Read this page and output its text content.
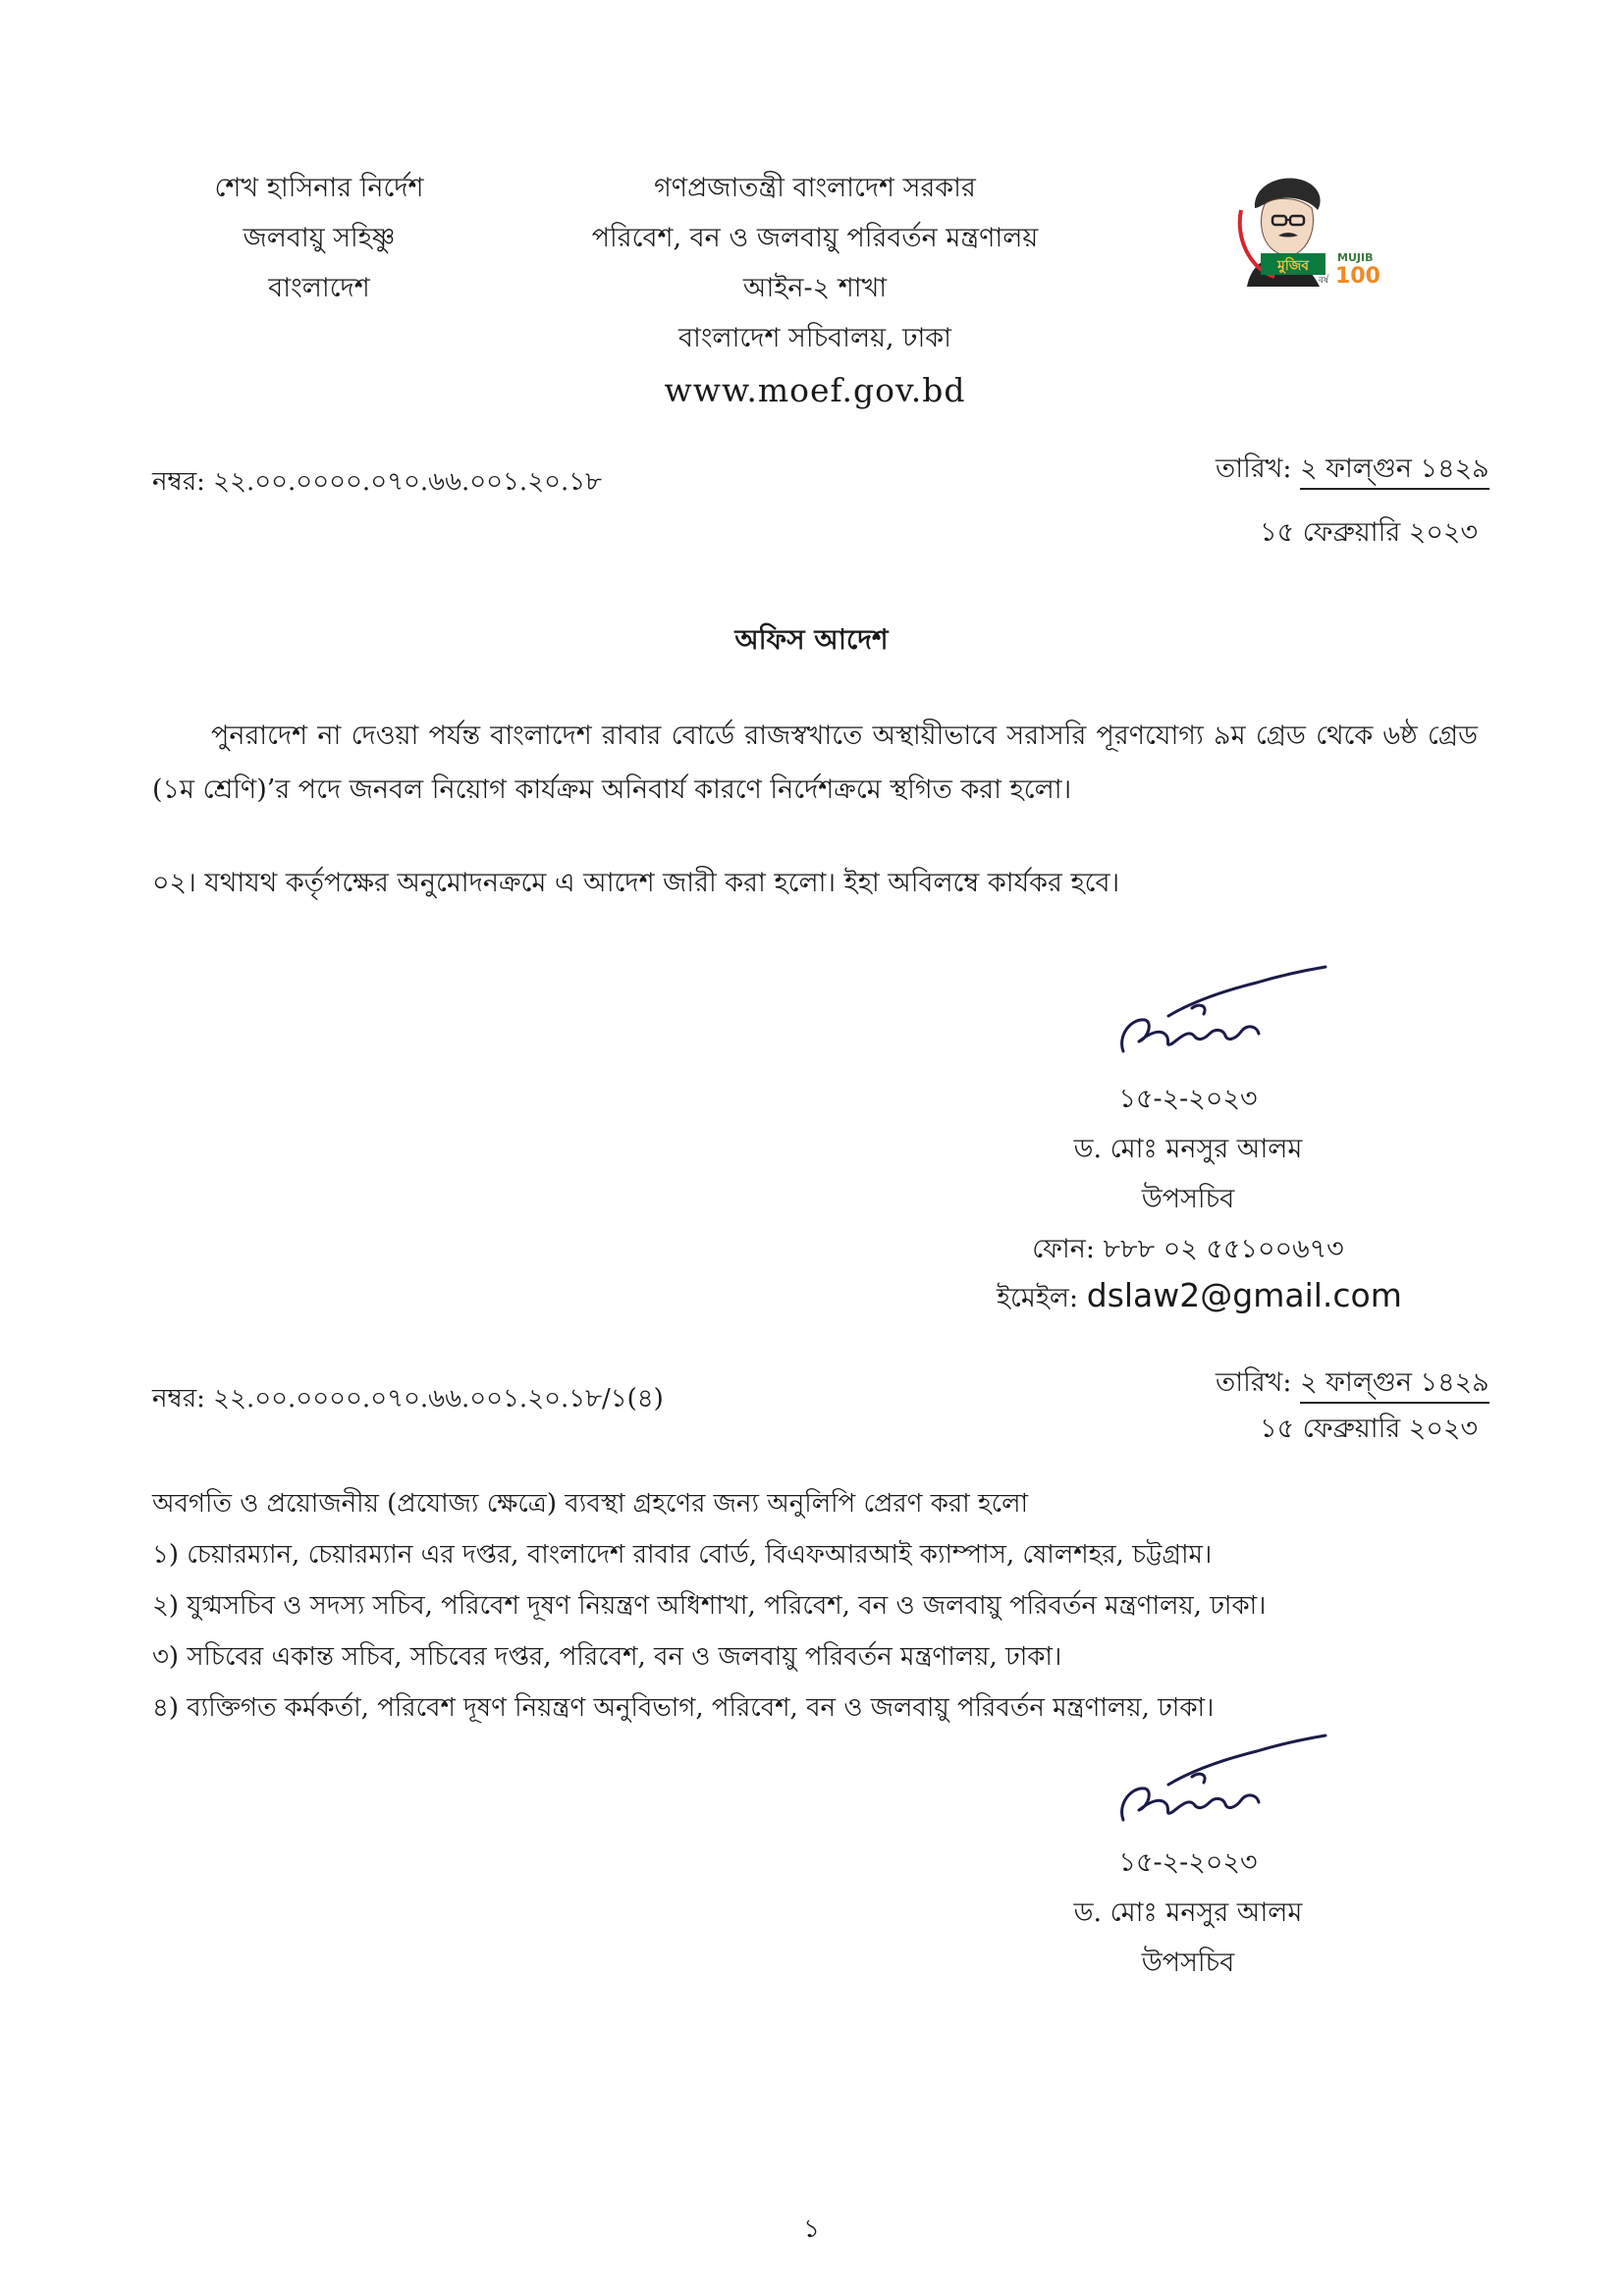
শেখ হাসিনার নির্দেশ
জলবায়ু সহিষ্ণু
বাংলাদেশ
গণপ্রজাতন্ত্রী বাংলাদেশ সরকার
পরিবেশ, বন ও জলবায়ু পরিবর্তন মন্ত্রণালয়
আইন-২ শাখা
বাংলাদেশ সচিবালয়, ঢাকা
www.moef.gov.bd
মুজিব
বর্ষ
MUJIB
100
নম্বর: ২২.০০.০০০০.০৭০.৬৬.০০১.২০.১৮	তারিখ: ২ ফাল্গুন ১৪২৯
১৫ ফেব্রুয়ারি ২০২৩
অফিস আদেশ
পুনরাদেশ না দেওয়া পর্যন্ত বাংলাদেশ রাবার বোর্ডে রাজস্বখাতে অস্থায়ীভাবে সরাসরি পূরণযোগ্য ৯ম গ্রেড থেকে ৬ষ্ঠ গ্রেড (১ম শ্রেণি)’র পদে জনবল নিয়োগ কার্যক্রম অনিবার্য কারণে নির্দেশক্রমে স্থগিত করা হলো।
০২। যথাযথ কর্তৃপক্ষের অনুমোদনক্রমে এ আদেশ জারী করা হলো। ইহা অবিলম্বে কার্যকর হবে।
১৫-২-২০২৩
ড. মোঃ মনসুর আলম
উপসচিব
ফোন: ৮৮৮ ০২ ৫৫১০০৬৭৩
ইমেইল: dslaw2@gmail.com
নম্বর: ২২.০০.০০০০.০৭০.৬৬.০০১.২০.১৮/১(৪)
তারিখ: ২ ফাল্গুন ১৪২৯
১৫ ফেব্রুয়ারি ২০২৩
অবগতি ও প্রয়োজনীয় (প্রযোজ্য ক্ষেত্রে) ব্যবস্থা গ্রহণের জন্য অনুলিপি প্রেরণ করা হলো
১) চেয়ারম্যান, চেয়ারম্যান এর দপ্তর, বাংলাদেশ রাবার বোর্ড, বিএফআরআই ক্যাম্পাস, ষোলশহর, চট্টগ্রাম।
২) যুগ্মসচিব ও সদস্য সচিব, পরিবেশ দূষণ নিয়ন্ত্রণ অধিশাখা, পরিবেশ, বন ও জলবায়ু পরিবর্তন মন্ত্রণালয়, ঢাকা।
৩) সচিবের একান্ত সচিব, সচিবের দপ্তর, পরিবেশ, বন ও জলবায়ু পরিবর্তন মন্ত্রণালয়, ঢাকা।
৪) ব্যক্তিগত কর্মকর্তা, পরিবেশ দূষণ নিয়ন্ত্রণ অনুবিভাগ, পরিবেশ, বন ও জলবায়ু পরিবর্তন মন্ত্রণালয়, ঢাকা।
১৫-২-২০২৩
ড. মোঃ মনসুর আলম
উপসচিব
১
